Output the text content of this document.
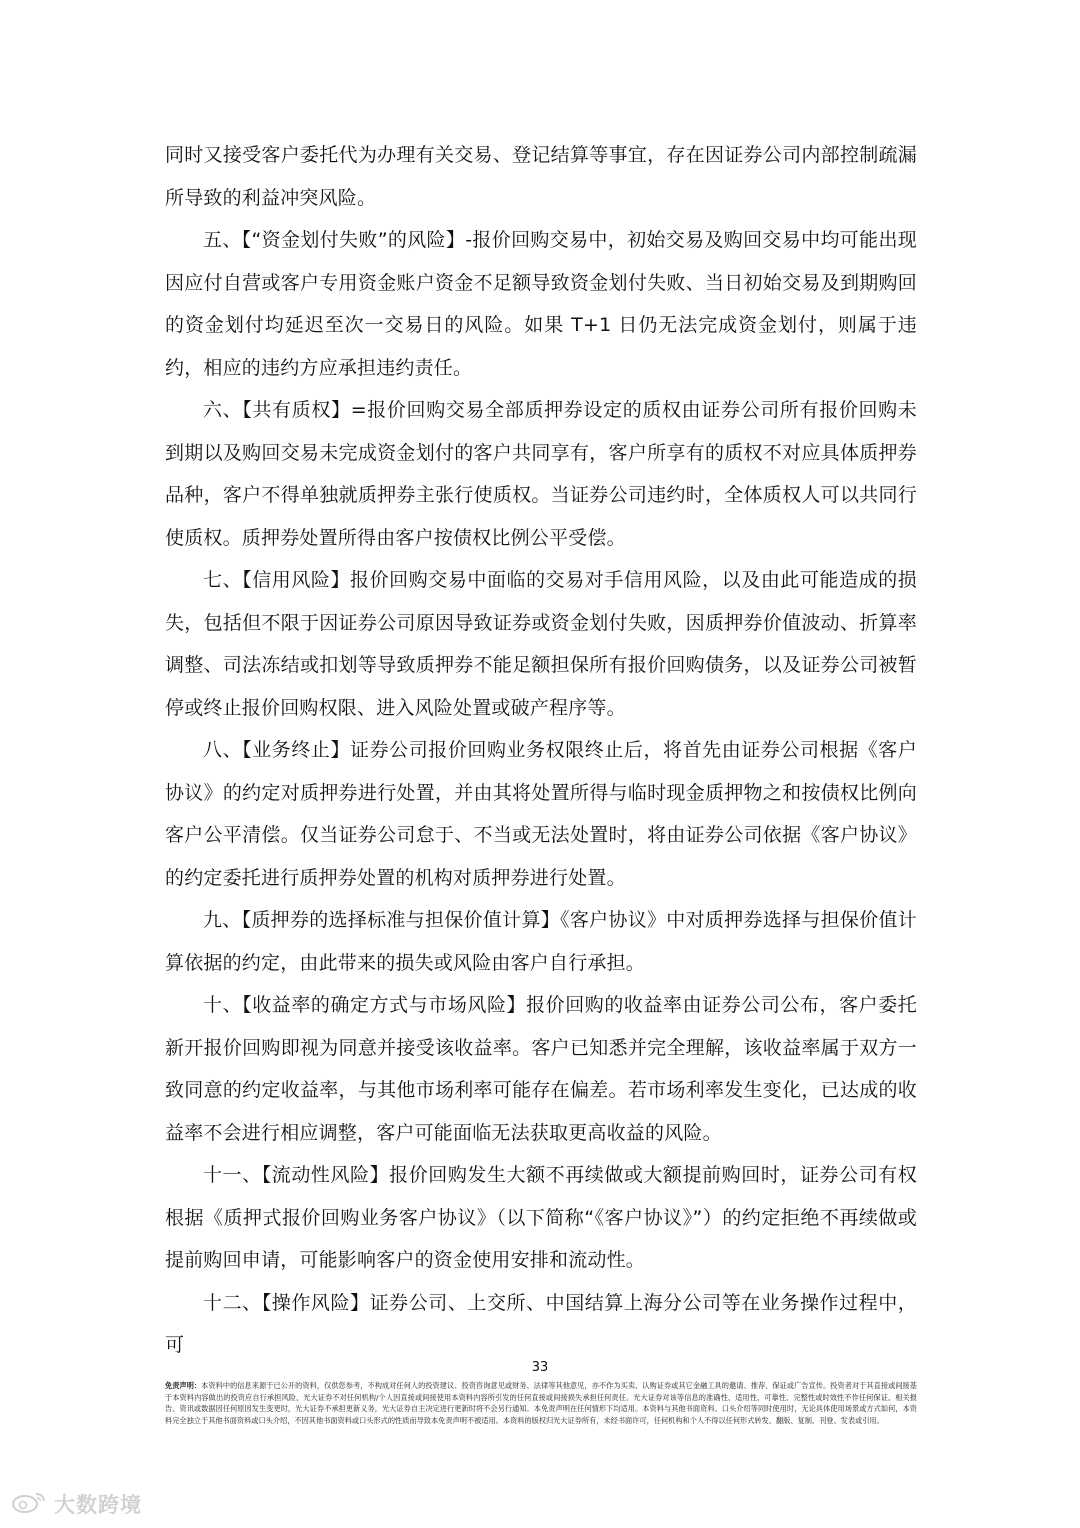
同时又接受客户委托代为办理有关交易、登记结算等事宜，存在因证券公司内部控制疏漏所导致的利益冲突风险。

五、【“资金划付失败”的风险】-报价回购交易中，初始交易及购回交易中均可能出现因应付自营或客户专用资金账户资金不足额导致资金划付失败、当日初始交易及到期购回的资金划付均延迟至次一交易日的风险。如果 T+1 日仍无法完成资金划付，则属于违约，相应的违约方应承担违约责任。

六、【共有质权】=报价回购交易全部质押券设定的质权由证券公司所有报价回购未到期以及购回交易未完成资金划付的客户共同享有，客户所享有的质权不对应具体质押券品种，客户不得单独就质押券主张行使质权。当证券公司违约时，全体质权人可以共同行使质权。质押券处置所得由客户按债权比例公平受偿。

七、【信用风险】报价回购交易中面临的交易对手信用风险，以及由此可能造成的损失，包括但不限于因证券公司原因导致证券或资金划付失败，因质押券价值波动、折算率调整、司法冻结或扣划等导致质押券不能足额担保所有报价回购债务，以及证券公司被暂停或终止报价回购权限、进入风险处置或破产程序等。

八、【业务终止】证券公司报价回购业务权限终止后，将首先由证券公司根据《客户协议》的约定对质押券进行处置，并由其将处置所得与临时现金质押物之和按债权比例向客户公平清偿。仅当证券公司怠于、不当或无法处置时，将由证券公司依据《客户协议》的约定委托进行质押券处置的机构对质押券进行处置。

九、【质押券的选择标准与担保价值计算】《客户协议》中对质押券选择与担保价值计算依据的约定，由此带来的损失或风险由客户自行承担。

十、【收益率的确定方式与市场风险】报价回购的收益率由证券公司公布，客户委托新开报价回购即视为同意并接受该收益率。客户已知悉并完全理解，该收益率属于双方一致同意的约定收益率，与其他市场利率可能存在偏差。若市场利率发生变化，已达成的收益率不会进行相应调整，客户可能面临无法获取更高收益的风险。

十一、【流动性风险】报价回购发生大额不再续做或大额提前购回时，证券公司有权根据《质押式报价回购业务客户协议》（以下简称“《客户协议》”）的约定拒绝不再续做或提前购回申请，可能影响客户的资金使用安排和流动性。

十二、【操作风险】证券公司、上交所、中国结算上海分公司等在业务操作过程中，可

33
免责声明：本资料中的信息来源于已公开的资料，仅供您参考，不构成对任何人的投资建议、投资咨询意见或财务、法律等其他意见，亦不作为买卖、认购证券或其它金融工具的邀请、推荐、保证或广告宣传。投资者对于其直接或间接基于本资料内容做出的投资应自行承担风险，光大证券不对任何机构/个人因直接或间接使用本资料内容所引发的任何直接或间接损失承担任何责任。光大证券对该等信息的准确性、适用性、可靠性、完整性或时效性不作任何保证。相关报告、资讯或数据因任何原因发生变更时，光大证券不承担更新义务，光大证券自主决定进行更新时将不会另行通知。本免责声明在任何情形下均适用。本资料与其他书面资料、口头介绍等同时使用时，无论具体使用场景或方式如何，本资料完全独立于其他书面资料或口头介绍，不因其他书面资料或口头形式的性质而导致本免责声明不被适用。本资料的版权归光大证券所有，未经书面许可，任何机构和个人不得以任何形式转发、翻版、复制、刊登、发表或引用。
大数跨境
